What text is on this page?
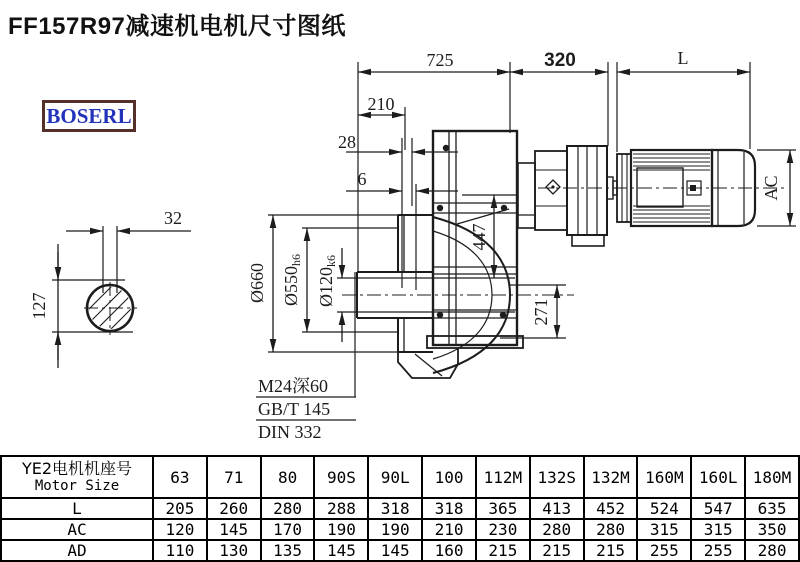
FF157R97减速机电机尺寸图纸
BOSERL
725	320	L
210
28
6
32
127
447
271
Ø660 Ø550h6
Ø120k6
AC
M24深60
GB/T 145
DIN 332
YE2电机机座号
Motor Size	63	71	80	90S	90L	100	112M	132S	132M	160M	160L	180M
L	205	260	280	288	318	318	365	413	452	524	547	635
AC	120	145	170	190	190	210	230	280	280	315	315	350
AD	110	130	135	145	145	160	215	215	215	255	255	280
